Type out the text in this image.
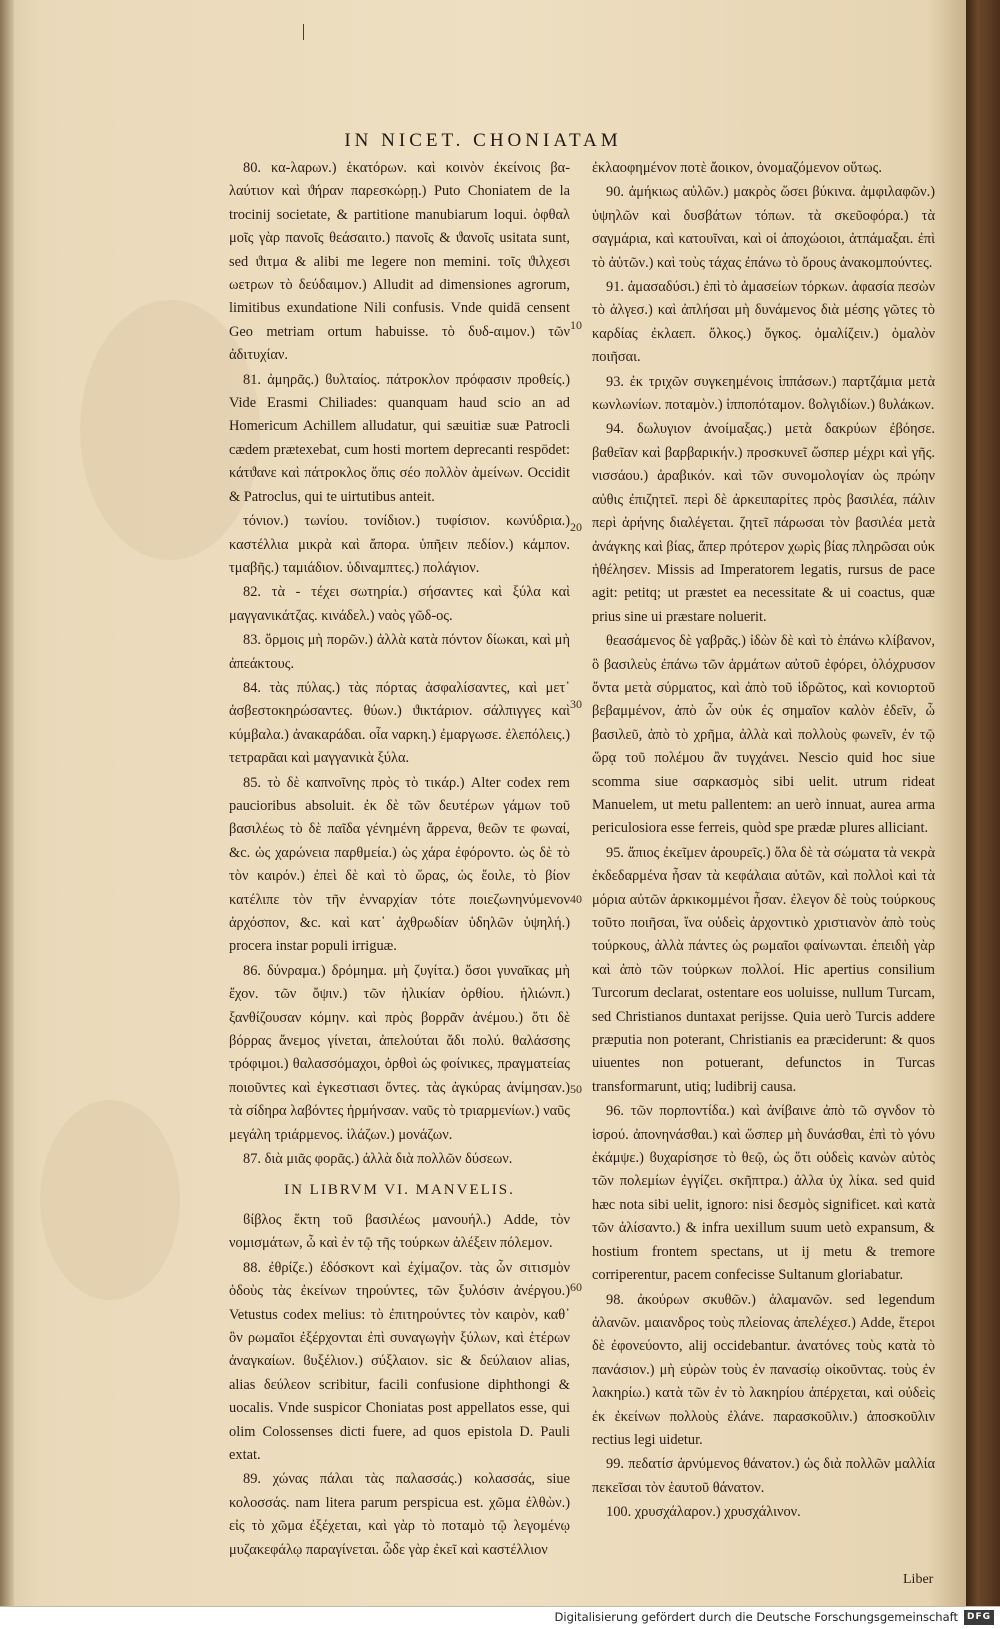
IN NICET. CHONIATAM
80. κα‑λαρων.) ἑκατόρων. καὶ κοινὸν ἐκείνοις βα‑ λαύτιον καὶ ϑήραν παρεσκώρῃ.) Puto Choniatem de la trocinij societate, & partitione manubiarum loqui. ὀφθαλ μοῖς γὰρ πανοῖς θεάσαιτο.) πανοῖς & ϑανοῖς usitata sunt, sed ϑιτμα & alibi me legere non memini. τοῖς ϑιλχεσι ωετρων τὸ δεύδαιμον.) Alludit ad dimensiones agrorum, limitibus exundatione Nili confusis. Vnde quidā censent Geo metriam ortum habuisse. τὸ δυδ‑αιμον.) τῶν ἀδιτυχίαν.
81. ἀμηρᾶς.) ϐυλταίος. πάτροκλον πρόφασιν προθείς.) Vide Erasmi Chiliades: quanquam haud scio an ad Homericum Achillem alludatur, qui sæuitiæ suæ Patrocli cædem prætexebat, cum hosti mortem deprecanti respōdet: κάτϑανε καὶ πάτροκλος ὅπις σέο πολλὸν ἀμείνων. Occidit & Patroclus, qui te uirtutibus anteit.
τόνιον.) τωνίου. τονίδιον.) τυφίσιον. κωνύδρια.) καστέλλια μικρὰ καὶ ἄπορα. ὑπῆειν πεδίον.) κάμπον. τμαβῆς.) ταμιάδιον. ὑδιναμπτες.) πολάγιον.
82. τὰ ‑ τέχει σωτηρία.) σήσαντες καὶ ξύλα καὶ μαγγανικάτζας. κινάδελ.) ναὸς γῶδ‑ος.
83. ὅρμοις μὴ πορῶν.) ἀλλὰ κατὰ πόντον δίωκαι, καὶ μὴ ἀπεάκτους.
84. τὰς πύλας.) τὰς πόρτας ἀσφαλίσαντες, καὶ μετ᾿ ἀσβεστοκηρώσαντες. θύων.) ϑικτάριον. σάλπιγγες καὶ κύμβαλα.) ἀνακαράδαι. οἶα ναρκη.) ἐμαργωσε. ἐλεπόλεις.) τετραρᾶαι καὶ μαγγανικὰ ξύλα.
85. τὸ δὲ καπνοῖνης πρὸς τὸ τικάρ.) Alter codex rem paucioribus absoluit. ἐκ δὲ τῶν δευτέρων γάμων τοῦ βασιλέως τὸ δὲ παῖδα γένημένη ἄρρενα, θεῶν τε φωναί, &c. ὡς χαρώνεια παρθμεία.) ὡς χάρα ἐφόροντο. ὡς δὲ τὸ τὸν καιρόν.) ἐπεὶ δὲ καὶ τὸ ὥρας, ὡς ἔοιλε, τὸ βίον κατέλιπε τὸν τῆν ἐνναρχίαν τότε ποιεζωνηνύμενον ἀρχόσπον, &c. καὶ κατ᾿ ἀχθρωδίαν ὑδηλῶν ὑψηλή.) procera instar populi irriguæ.
86. δύνραμα.) δρόμημα. μὴ ζυγίτα.) ὅσοι γυναῖκας μὴ ἔχον. τῶν ὄψιν.) τῶν ἡλικίαν ὀρθίου. ἡλιώνπ.) ξανθίζουσαν κόμην. καὶ πρὸς βορρᾶν ἀνέμου.) ὅτι δὲ βόρρας ἄνεμος γίνεται, ἀπελούται ἄδι πολύ. θαλάσσης τρόφιμοι.) θαλασσόμαχοι, ὀρθοὶ ὡς φοίνικες, πραγματείας ποιοῦντες καὶ ἐγκεστιασι ὄντες. τὰς ἀγκύρας ἀνίμησαν.) τὰ σίδηρα λαβόντες ἠρμήνσαν. ναῦς τὸ τριαρμενίων.) ναῦς μεγάλη τριάρμενος. ἰλάζων.) μονάζων.
87. διὰ μιᾶς φορᾶς.) ἀλλὰ διὰ πολλῶν δύσεων.
IN LIBRVM VI. MANVELIS.
ϐίβλος ἕκτη τοῦ βασιλέως μανουήλ.) Adde, τὸν νομισμάτων, ὦ καὶ ἐν τῷ τῆς τούρκων ἀλέξειν πόλεμον.
88. ἐθρίζε.) ἐδόσκοντ καὶ ἐχίμαζον. τὰς ὧν σιτισμὸν ὁδοὺς τὰς ἐκείνων τηρούντες, τῶν ξυλόσιν ἀνέργου.) Vetustus codex melius: τὸ ἐπιτηρούντες τὸν καιρὸν, καθ᾿ ὃν ρωμαῖοι ἐξέρχονται ἐπὶ συναγωγὴν ξύλων, καὶ ἑτέρων ἀναγκαίων. ϐυξέλιον.) σύξλαιον. sic & δεύλαιον alias, alias δεύλεον scribitur, facili confusione diphthongi & uocalis. Vnde suspicor Choniatas post appellatos esse, qui olim Colossenses dicti fuere, ad quos epistola D. Pauli extat.
89. χώνας πάλαι τὰς παλασσάς.) κολασσάς, siue κολοσσάς. nam litera parum perspicua est. χῶμα ἐλθὼν.) εἰς τὸ χῶμα ἐξέχεται, καὶ γὰρ τὸ ποταμὸ τῷ λεγομένῳ μυζακεφάλῳ παραγίνεται. ὧδε γὰρ ἐκεῖ καὶ καστέλλιον
ἐκλαοφημένον ποτὲ ἄοικον, ὀνομαζόμενον οὕτως.
90. ἀμήκιως αὐλῶν.) μακρὸς ὥσει βύκινα. ἀμφιλαφῶν.) ὑψηλῶν καὶ δυσβάτων τόπων. τὰ σκεῦοφόρα.) τὰ σαγμάρια, καὶ κατουῖναι, καὶ οἱ ἀποχώοιοι, ἀτπάμαξαι. ἐπὶ τὸ ἀὑτῶν.) καὶ τοὺς τάχας ἐπάνω τὸ ὄρους ἀνακομπούντες.
91. ἀμασαδύσι.) ἐπὶ τὸ ἀμασείων τόρκων. ἀφασία πεσὼν τὸ ἀλγεσ.) καὶ ἀπλήσαι μὴ δυνάμενος διὰ μέσης γῶτες τὸ καρδίας ἐκλαεπ. ὄλκος.) ὄγκος. ὁμαλίζειν.) ὁμαλὸν ποιῆσαι.
93. ἐκ τριχῶν συγκεημένοις ἱππάσων.) παρτζάμια μετὰ κωνλωνίων. ποταμὸν.) ἱπποπόταμον. ϐολγιδίων.) ϐυλάκων.
94. δωλυγιον ἀνοίμαξας.) μετὰ δακρύων ἐβόησε. βαθεῖαν καὶ βαρβαρικήν.) προσκυνεῖ ὥσπερ μέχρι καὶ γῆς. νισσάου.) ἀραβικόν. καὶ τῶν συνομολογίαν ὡς πρώην αὐθις ἐπιζητεῖ. περὶ δὲ ἀρκειπαρίτες πρὸς βασιλέα, πάλιν περὶ ἀρήνης διαλέγεται. ζητεῖ πάρωσαι τὸν βασιλέα μετὰ ἀνάγκης καὶ βίας, ἅπερ πρότερον χωρὶς βίας πληρῶσαι οὐκ ἠθέλησεν. Missis ad Imperatorem legatis, rursus de pace agit: petitq; ut præstet ea necessitate & ui coactus, quæ prius sine ui præstare noluerit.
θεασάμενος δὲ γαβρᾶς.) ἰδὼν δὲ καὶ τὸ ἐπάνω κλίβανον, ὃ βασιλεὺς ἐπάνω τῶν ἁρμάτων αὐτοῦ ἐφόρει, ὁλόχρυσον ὄντα μετὰ σύρματος, καὶ ἀπὸ τοῦ ἱδρῶτος, καὶ κονιορτοῦ βεβαμμένον, ἀπὸ ὧν οὐκ ἐς σημαῖον καλὸν ἐδεῖν, ὦ βασιλεῦ, ἀπὸ τὸ χρῆμα, ἀλλὰ καὶ πολλοὺς φωνεῖν, ἐν τῷ ὥρᾳ τοῦ πολέμου ἂν τυγχάνει. Nescio quid hoc siue scomma siue σαρκασμὸς sibi uelit. utrum rideat Manuelem, ut metu pallentem: an uerò innuat, aurea arma periculosiora esse ferreis, quòd spe prædæ plures alliciant.
95. ἄπιος ἐκεῖμεν ἀρουρεῖς.) ὅλα δὲ τὰ σώματα τὰ νεκρὰ ἐκδεδαρμένα ἦσαν τὰ κεφάλαια αὐτῶν, καὶ πολλοὶ καὶ τὰ μόρια αὐτῶν ἀρκικομμένοι ἦσαν. ἐλεγον δὲ τοὺς τούρκους τοῦτο ποιῆσαι, ἵνα οὐδεὶς ἀρχοντικὸ χριστιανὸν ἀπὸ τοὺς τούρκους, ἀλλὰ πάντες ὡς ρωμαῖοι φαίνωνται. ἐπειδὴ γὰρ καὶ ἀπὸ τῶν τούρκων πολλοί. Hic apertius consilium Turcorum declarat, ostentare eos uoluisse, nullum Turcam, sed Christianos duntaxat perijsse. Quia uerò Turcis addere præputia non poterant, Christianis ea præciderunt: & quos uiuentes non potuerant, defunctos in Turcas transformarunt, utiq; ludibrij causa.
96. τῶν πορποντίδα.) καὶ ἀνίβαινε ἀπὸ τῶ σγνδον τὸ ἱσρού. ἀπονηνάσθαι.) καὶ ὥσπερ μὴ δυνάσθαι, ἐπὶ τὸ γόνυ ἐκάμψε.) ϐυχαρίσησε τὸ θεῷ, ὡς ὅτι οὐδεὶς κανὼν αὐτὸς τῶν πολεμίων ἐγγίζει. σκῆπτρα.) ἀλλα ὑχ λίκα. sed quid hæc nota sibi uelit, ignoro: nisi δεσμὸς significet. καὶ κατὰ τῶν ἀλίσαντο.) & infra uexillum suum uetò expansum, & hostium frontem spectans, ut ij metu & tremore corriperentur, pacem confecisse Sultanum gloriabatur.
98. ἀκούρων σκυθῶν.) ἀλαμανῶν. sed legendum ἀλανῶν. μαιανδρος τοὺς πλείονας ἀπελέχεσ.) Adde, ἕτεροι δὲ ἐφονεύοντο, alij occidebantur. ἀνατόνες τοὺς κατὰ τὸ πανάσιον.) μὴ εὑρὼν τοὺς ἐν πανασίῳ οἰκοῦντας. τοὺς ἐν λακηρίω.) κατὰ τῶν ἐν τὸ λακηρίου ἀπέρχεται, καὶ οὐδεὶς ἐκ ἐκείνων πολλοὺς ἐλάνε. παρασκοῦλιν.) ἀποσκοῦλιν rectius legi uidetur.
99. πεδατίσ ἀρνύμενος θάνατον.) ὡς διὰ πολλῶν μαλλία πεκεῖσαι τὸν ἑαυτοῦ θάνατον.
100. χρυσχάλαρον.) χρυσχάλινον.
10
20
30
40
50
60
Liber
Digitalisierung gefördert durch die Deutsche Forschungsgemeinschaft DFG
